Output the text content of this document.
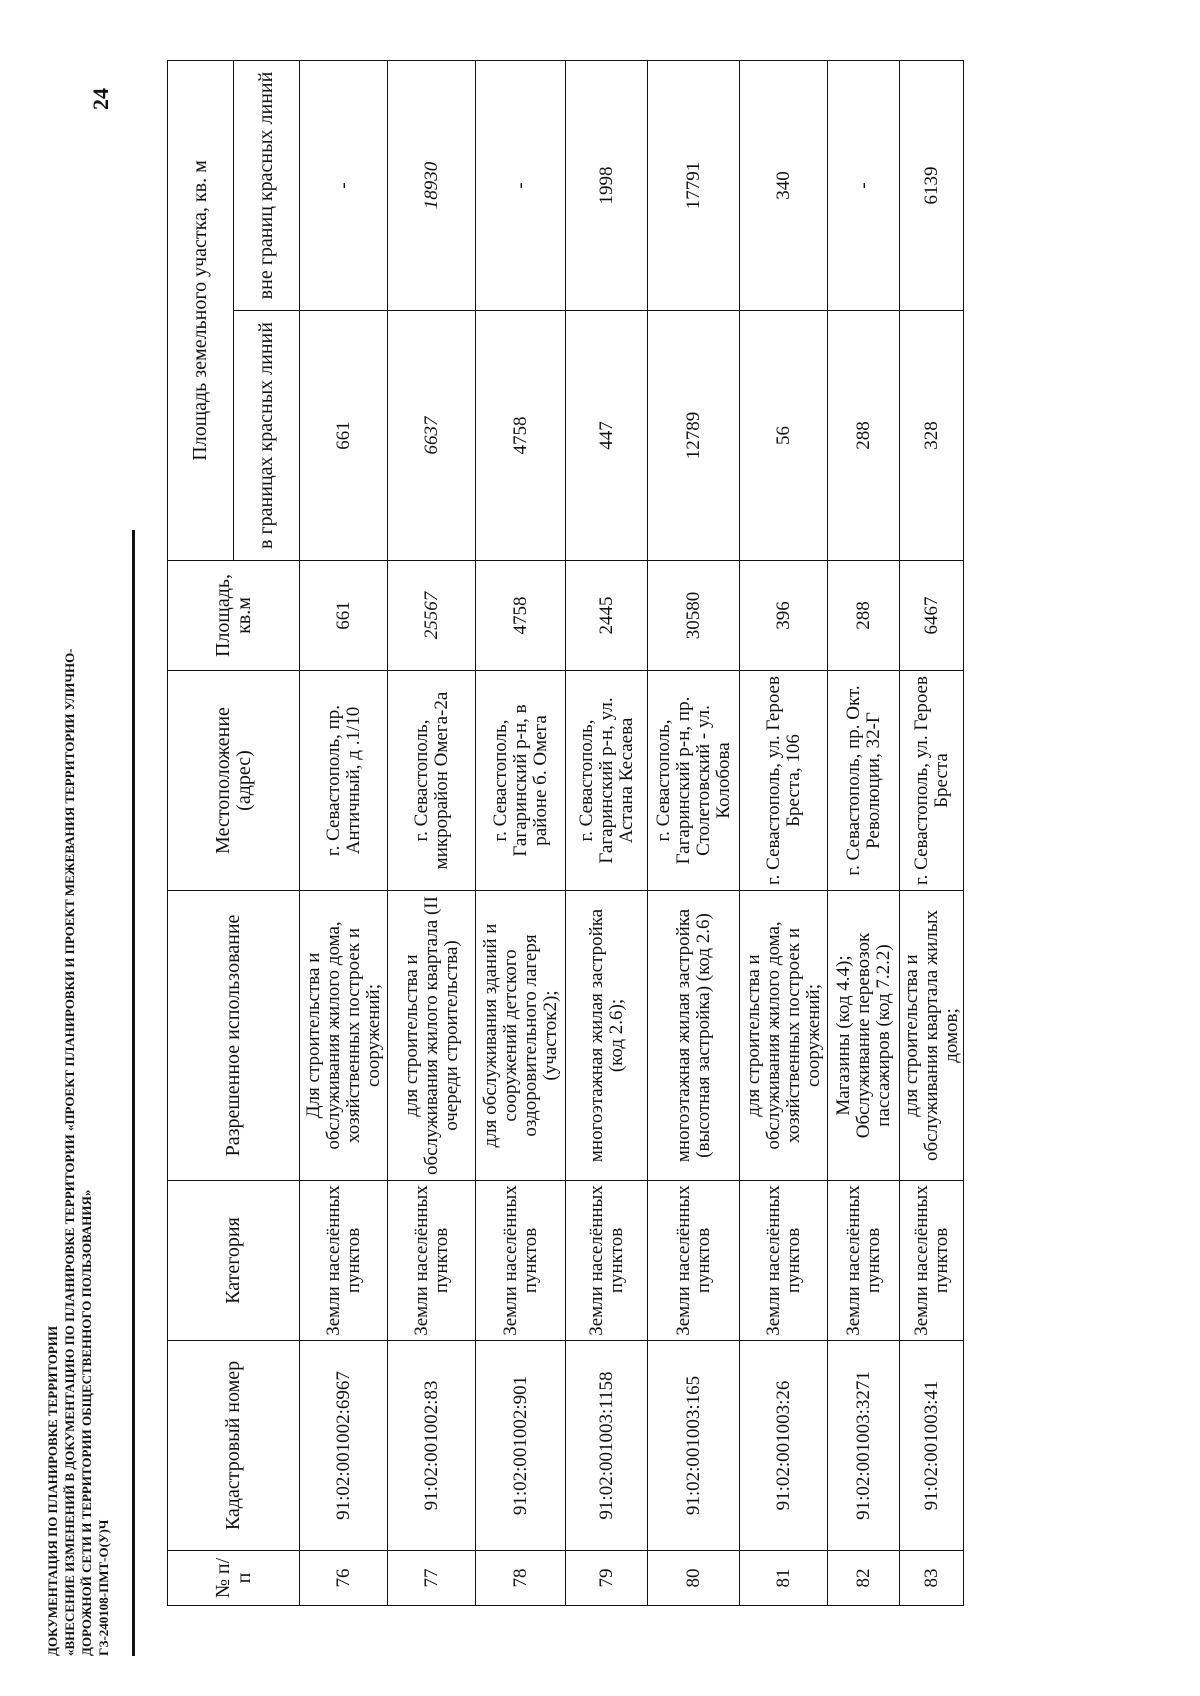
24
ДОКУМЕНТАЦИЯ ПО ПЛАНИРОВКЕ ТЕРРИТОРИИ «ВНЕСЕНИЕ ИЗМЕНЕНИЙ В ДОКУМЕНТАЦИЮ ПО ПЛАНИРОВКЕ ТЕРРИТОРИИ «ПРОЕКТ ПЛАНИРОВКИ И ПРОЕКТ МЕЖЕВАНИЯ ТЕРРИТОРИИ УЛИЧНО- ДОРОЖНОЙ СЕТИ И ТЕРРИТОРИИ ОБЩЕСТВЕННОГО ПОЛЬЗОВАНИЯ» ГЗ-240108-ПМТ-О(У)Ч	№ п/п	Кадастровый номер	Категория	Разрешенное использование	Местоположение (адрес)	Площадь, кв.м	Площадь земельного участка, кв. м	
						в границах красных линий	вне границ красных линий
76	91:02:001002:6967	Земли населённых пунктов	Для строительства и обслуживания жилого дома, хозяйственных построек и сооружений;	г. Севастополь, пр. Античный, д .1/10	661	661	-
77	91:02:001002:83	Земли населённых пунктов	для строительства и обслуживания жилого квартала (II очереди строительства)	г. Севастополь, микрорайон Омега-2а	25567	6637	18930
78	91:02:001002:901	Земли населённых пунктов	для обслуживания зданий и сооружений детского оздоровительного лагеря (участок2);	г. Севастополь, Гагаринский р-н, в районе б. Омега	4758	4758	-
79	91:02:001003:1158	Земли населённых пунктов	многоэтажная жилая застройка (код 2.6);	г. Севастополь, Гагаринский р-н, ул. Астана Кесаева	2445	447	1998
80	91:02:001003:165	Земли населённых пунктов	многоэтажная жилая застройка (высотная застройка) (код 2.6)	г. Севастополь, Гагаринский р-н, пр. Столетовский - ул. Колобова	30580	12789	17791
81	91:02:001003:26	Земли населённых пунктов	для строительства и обслуживания жилого дома, хозяйственных построек и сооружений;	г. Севастополь, ул. Героев Бреста, 106	396	56	340
82	91:02:001003:3271	Земли населённых пунктов	Магазины (код 4.4); Обслуживание перевозок пассажиров (код 7.2.2)	г. Севастополь, пр. Окт. Революции, 32-Г	288	288	-
83	91:02:001003:41	Земли населённых пунктов	для строительства и обслуживания квартала жилых домов;	г. Севастополь, ул. Героев Бреста	6467	328	6139
